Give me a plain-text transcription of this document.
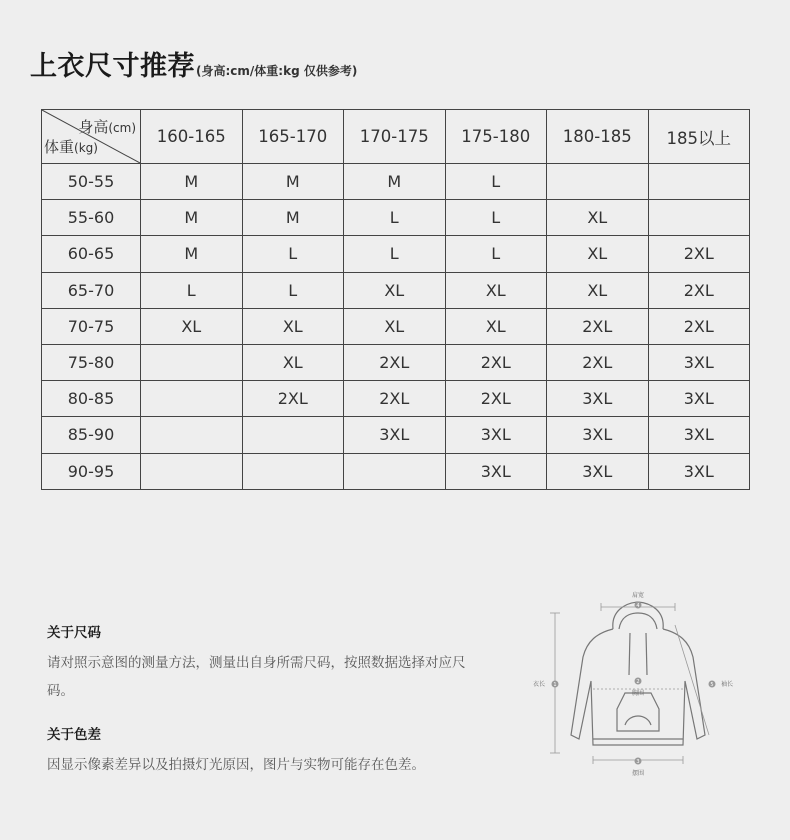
上衣尺寸推荐 (身高:cm/体重:kg 仅供参考)
身高(cm)
体重(kg)	160-165	165-170	170-175	175-180	180-185	185以上
50-55	M	M	M	L		
55-60	M	M	L	L	XL	
60-65	M	L	L	L	XL	2XL
65-70	L	L	XL	XL	XL	2XL
70-75	XL	XL	XL	XL	2XL	2XL
75-80		XL	2XL	2XL	2XL	3XL
80-85		2XL	2XL	2XL	3XL	3XL
85-90			3XL	3XL	3XL	3XL
90-95				3XL	3XL	3XL
关于尺码

请对照示意图的测量方法，测量出自身所需尺码，按照数据选择对应尺码。

关于色差

因显示像素差异以及拍摄灯光原因，图片与实物可能存在色差。

肩宽
4
衣长 1	2
胸围
5 袖长
3
摆围
